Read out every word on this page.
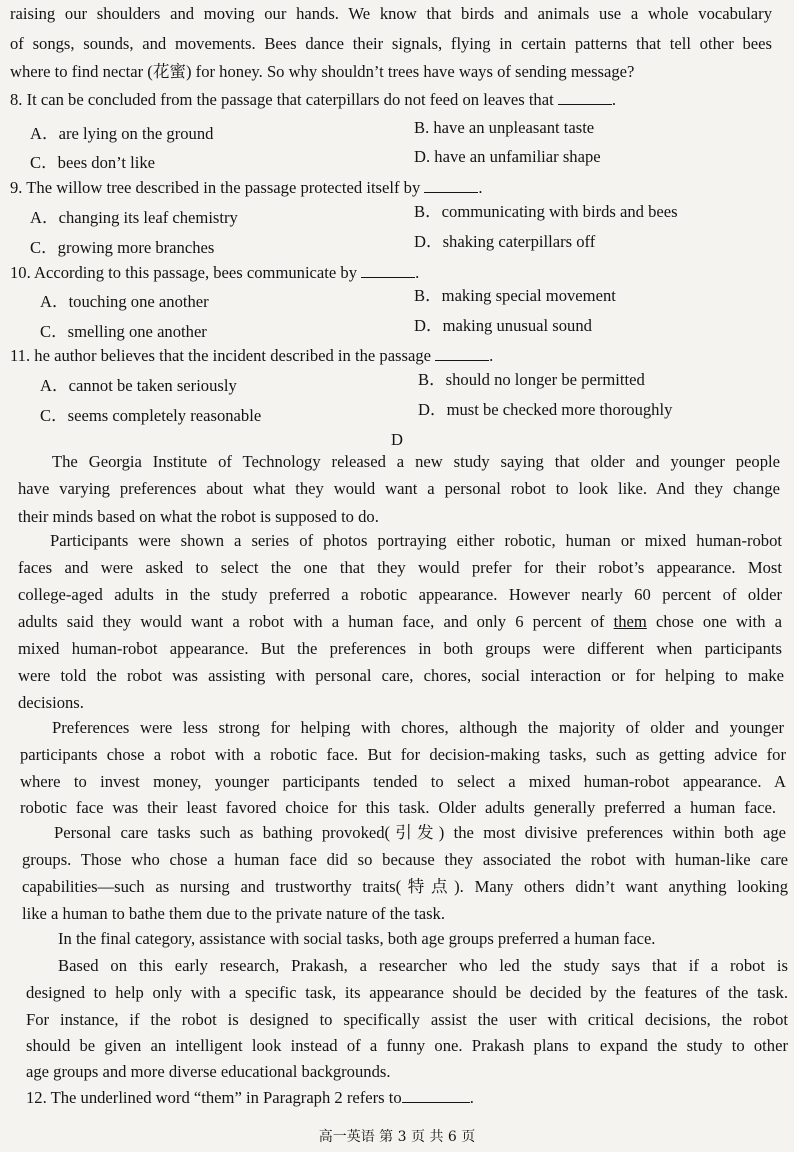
raising our shoulders and moving our hands. We know that birds and animals use a whole vocabulary
of songs, sounds, and movements. Bees dance their signals, flying in certain patterns that tell other bees
where to find nectar (花蜜) for honey. So why shouldn’t trees have ways of sending message?
8. It can be concluded from the passage that caterpillars do not feed on leaves that	.
A．are lying on the ground	B. have an unpleasant taste
C．bees don’t like	D. have an unfamiliar shape
9. The willow tree described in the passage protected itself by	.
A．changing its leaf chemistry	B．communicating with birds and bees
C．growing more branches	D．shaking caterpillars off
10. According to this passage, bees communicate by	.
A．touching one another	B．making special movement
C．smelling one another	D．making unusual sound
11. he author believes that the incident described in the passage	.
A．cannot be taken seriously	B．should no longer be permitted
C．seems completely reasonable	D．must be checked more thoroughly
D
The Georgia Institute of Technology released a new study saying that older and younger people
have varying preferences about what they would want a personal robot to look like. And they change
their minds based on what the robot is supposed to do.
Participants were shown a series of photos portraying either robotic, human or mixed human-robot
faces and were asked to select the one that they would prefer for their robot’s appearance. Most
college-aged adults in the study preferred a robotic appearance. However nearly 60 percent of older
adults said they would want a robot with a human face, and only 6 percent of them chose one with a
mixed human-robot appearance. But the preferences in both groups were different when participants
were told the robot was assisting with personal care, chores, social interaction or for helping to make
decisions.
Preferences were less strong for helping with chores, although the majority of older and younger
participants chose a robot with a robotic face. But for decision-making tasks, such as getting advice for
where to invest money, younger participants tended to select a mixed human-robot appearance. A
robotic face was their least favored choice for this task. Older adults generally preferred a human face.
Personal care tasks such as bathing provoked(引发) the most divisive preferences within both age
groups. Those who chose a human face did so because they associated the robot with human-like care
capabilities—such as nursing and trustworthy traits(特点). Many others didn’t want anything looking
like a human to bathe them due to the private nature of the task.
In the final category, assistance with social tasks, both age groups preferred a human face.
Based on this early research, Prakash, a researcher who led the study says that if a robot is
designed to help only with a specific task, its appearance should be decided by the features of the task.
For instance, if the robot is designed to specifically assist the user with critical decisions, the robot
should be given an intelligent look instead of a funny one. Prakash plans to expand the study to other
age groups and more diverse educational backgrounds.
12. The underlined word “them” in Paragraph 2 refers to	.
高一英语 第 3 页 共 6 页
